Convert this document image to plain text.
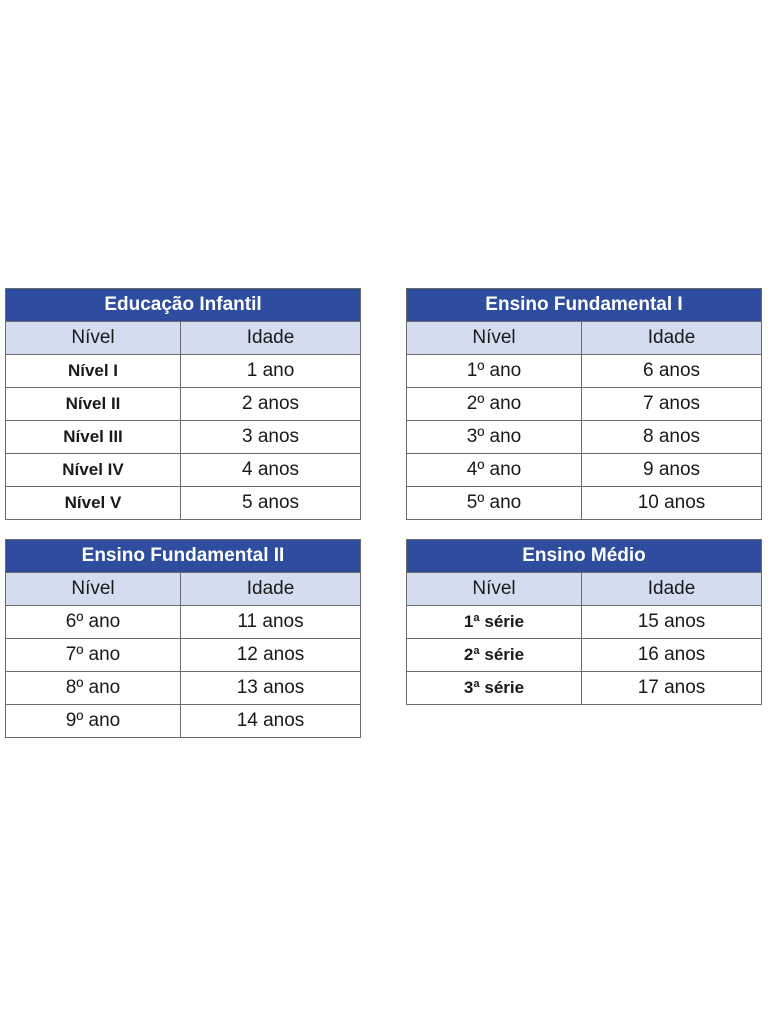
Educação Infantil	
Nível	Idade
Nível I	1 ano
Nível II	2 anos
Nível III	3 anos
Nível IV	4 anos
Nível V	5 anos
Ensino Fundamental I	
Nível	Idade
1º ano	6 anos
2º ano	7 anos
3º ano	8 anos
4º ano	9 anos
5º ano	10 anos
Ensino Fundamental II	
Nível	Idade
6º ano	11 anos
7º ano	12 anos
8º ano	13 anos
9º ano	14 anos
Ensino Médio	
Nível	Idade
1ª série	15 anos
2ª série	16 anos
3ª série	17 anos
